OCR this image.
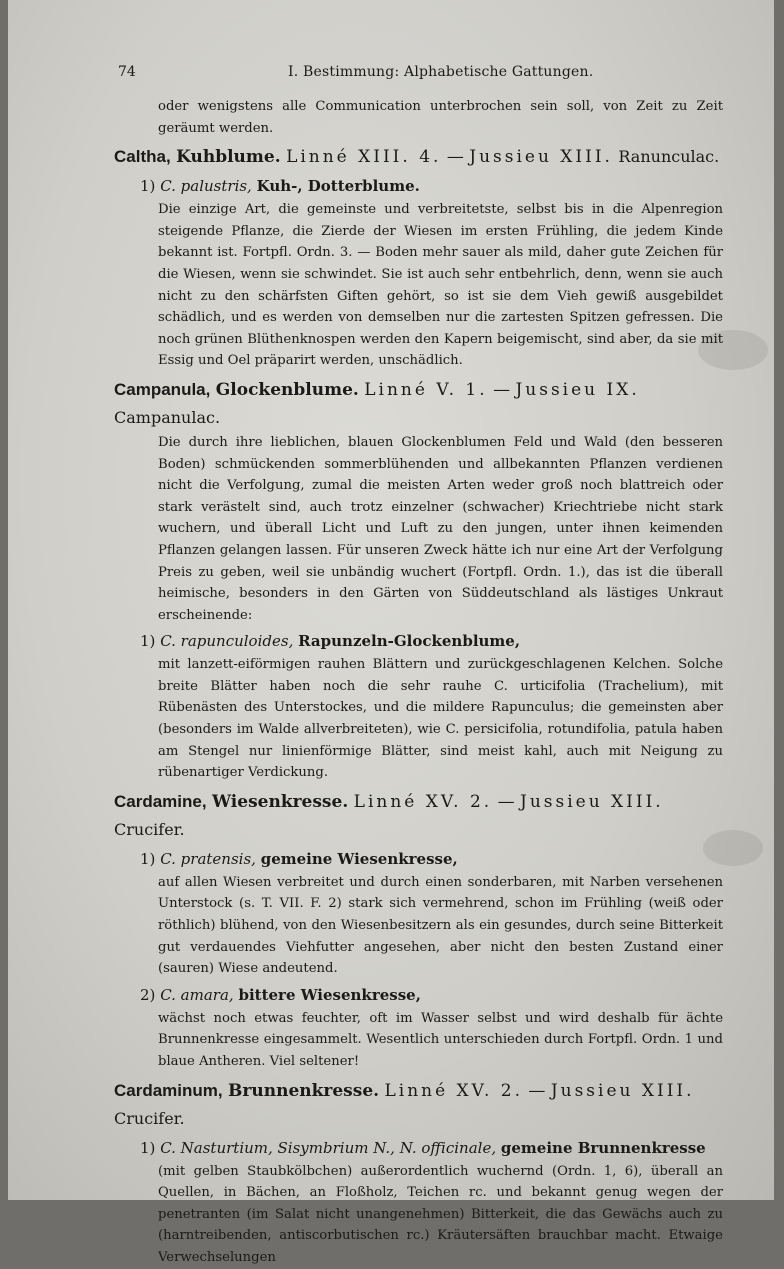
74	I. Bestimmung: Alphabetische Gattungen.

oder wenigstens alle Communication unterbrochen sein soll, von Zeit zu Zeit geräumt werden.

Caltha, Kuhblume. Linné XIII. 4. — Jussieu XIII. Ranunculac.
1) C. palustris, Kuh-, Dotterblume.

Die einzige Art, die gemeinste und verbreitetste, selbst bis in die Alpenregion steigende Pflanze, die Zierde der Wiesen im ersten Frühling, die jedem Kinde bekannt ist. Fortpfl. Ordn. 3. — Boden mehr sauer als mild, daher gute Zeichen für die Wiesen, wenn sie schwindet. Sie ist auch sehr entbehrlich, denn, wenn sie auch nicht zu den schärfsten Giften gehört, so ist sie dem Vieh gewiß ausgebildet schädlich, und es werden von demselben nur die zartesten Spitzen gefressen. Die noch grünen Blüthenknospen werden den Kapern beigemischt, sind aber, da sie mit Essig und Oel präparirt werden, unschädlich.

Campanula, Glockenblume. Linné V. 1. — Jussieu IX. Campanulac.

Die durch ihre lieblichen, blauen Glockenblumen Feld und Wald (den besseren Boden) schmückenden sommerblühenden und allbekannten Pflanzen verdienen nicht die Verfolgung, zumal die meisten Arten weder groß noch blattreich oder stark verästelt sind, auch trotz einzelner (schwacher) Kriechtriebe nicht stark wuchern, und überall Licht und Luft zu den jungen, unter ihnen keimenden Pflanzen gelangen lassen. Für unseren Zweck hätte ich nur eine Art der Verfolgung Preis zu geben, weil sie unbändig wuchert (Fortpfl. Ordn. 1.), das ist die überall heimische, besonders in den Gärten von Süddeutschland als lästiges Unkraut erscheinende:

1) C. rapunculoides, Rapunzeln-Glockenblume,

mit lanzett-eiförmigen rauhen Blättern und zurückgeschlagenen Kelchen. Solche breite Blätter haben noch die sehr rauhe C. urticifolia (Trachelium), mit Rübenästen des Unterstockes, und die mildere Rapunculus; die gemeinsten aber (besonders im Walde allverbreiteten), wie C. persicifolia, rotundifolia, patula haben am Stengel nur linienförmige Blätter, sind meist kahl, auch mit Neigung zu rübenartiger Verdickung.

Cardamine, Wiesenkresse. Linné XV. 2. — Jussieu XIII. Crucifer.
1) C. pratensis, gemeine Wiesenkresse,

auf allen Wiesen verbreitet und durch einen sonderbaren, mit Narben versehenen Unterstock (s. T. VII. F. 2) stark sich vermehrend, schon im Frühling (weiß oder röthlich) blühend, von den Wiesenbesitzern als ein gesundes, durch seine Bitterkeit gut verdauendes Viehfutter angesehen, aber nicht den besten Zustand einer (sauren) Wiese andeutend.

2) C. amara, bittere Wiesenkresse,

wächst noch etwas feuchter, oft im Wasser selbst und wird deshalb für ächte Brunnenkresse eingesammelt. Wesentlich unterschieden durch Fortpfl. Ordn. 1 und blaue Antheren. Viel seltener!

Cardaminum, Brunnenkresse. Linné XV. 2. — Jussieu XIII. Crucifer.
1) C. Nasturtium, Sisymbrium N., N. officinale, gemeine Brunnenkresse

(mit gelben Staubkölbchen) außerordentlich wuchernd (Ordn. 1, 6), überall an Quellen, in Bächen, an Floßholz, Teichen rc. und bekannt genug wegen der penetranten (im Salat nicht unangenehmen) Bitterkeit, die das Gewächs auch zu (harntreibenden, antiscorbutischen rc.) Kräutersäften brauchbar macht. Etwaige Verwechselungen
